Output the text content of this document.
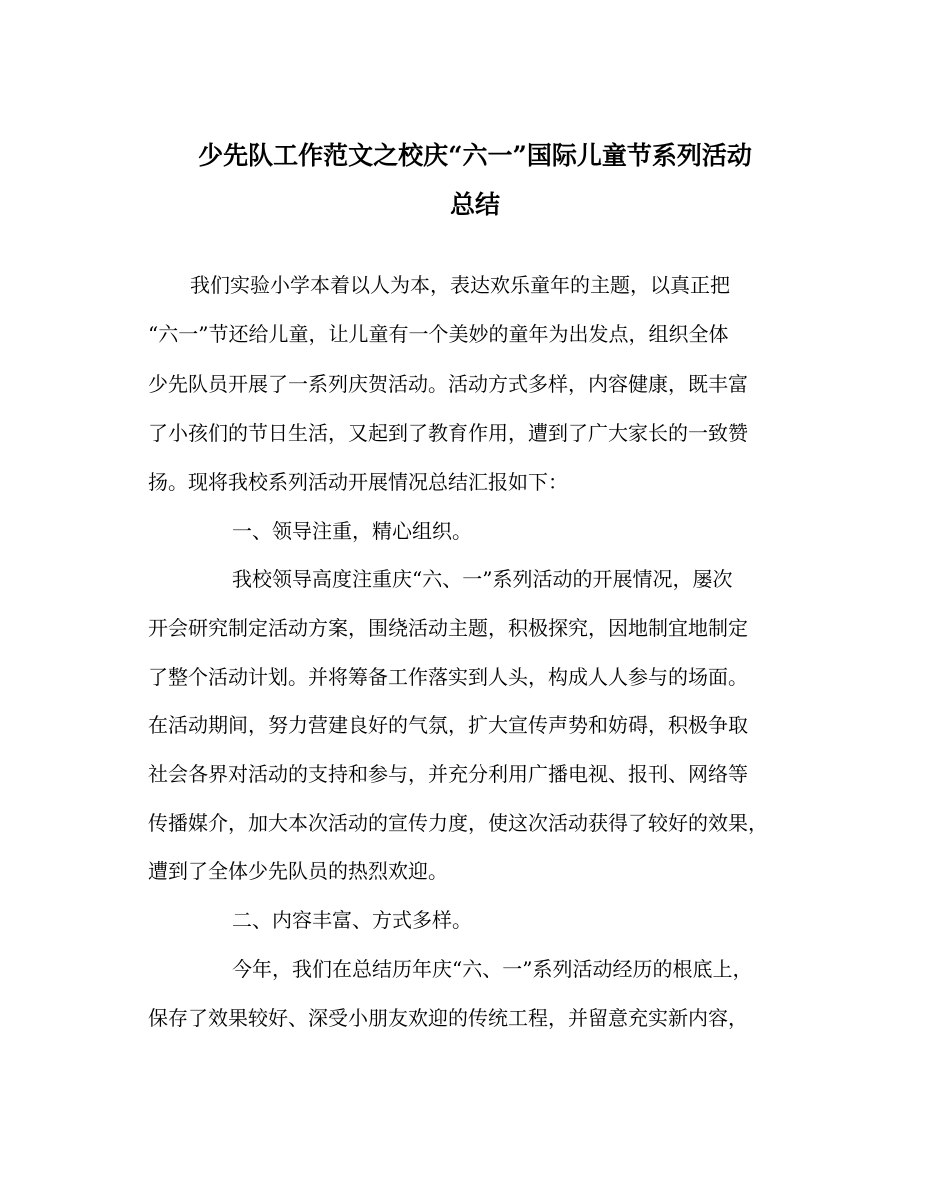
少先队工作范文之校庆“六一”国际儿童节系列活动
总结
我们实验小学本着以人为本，表达欢乐童年的主题，以真正把
“六一”节还给儿童，让儿童有一个美妙的童年为出发点，组织全体
少先队员开展了一系列庆贺活动。活动方式多样，内容健康，既丰富
了小孩们的节日生活，又起到了教育作用，遭到了广大家长的一致赞
扬。现将我校系列活动开展情况总结汇报如下：
一、领导注重，精心组织。
我校领导高度注重庆“六、一”系列活动的开展情况，屡次
开会研究制定活动方案，围绕活动主题，积极探究，因地制宜地制定
了整个活动计划。并将筹备工作落实到人头，构成人人参与的场面。
在活动期间，努力营建良好的气氛，扩大宣传声势和妨碍，积极争取
社会各界对活动的支持和参与，并充分利用广播电视、报刊、网络等
传播媒介，加大本次活动的宣传力度，使这次活动获得了较好的效果，
遭到了全体少先队员的热烈欢迎。
二、内容丰富、方式多样。
今年，我们在总结历年庆“六、一”系列活动经历的根底上，
保存了效果较好、深受小朋友欢迎的传统工程，并留意充实新内容，
